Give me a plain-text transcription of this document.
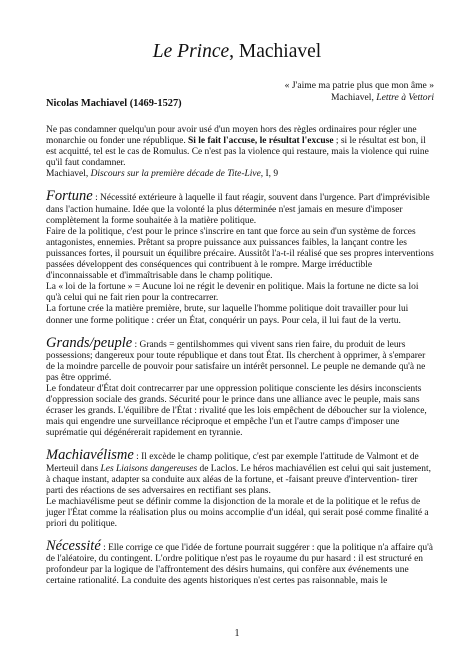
Le Prince, Machiavel

« J'aime ma patrie plus que mon âme »

Machiavel, Lettre à Vettori

Nicolas Machiavel (1469-1527)

Ne pas condamner quelqu'un pour avoir usé d'un moyen hors des règles ordinaires pour régler une monarchie ou fonder une république. Si le fait l'accuse, le résultat l'excuse ; si le résultat est bon, il est acquitté, tel est le cas de Romulus. Ce n'est pas la violence qui restaure, mais la violence qui ruine qu'il faut condamner.

Machiavel, Discours sur la première décade de Tite-Live, I, 9

Fortune : Nécessité extérieure à laquelle il faut réagir, souvent dans l'urgence. Part d'imprévisible dans l'action humaine. Idée que la volonté la plus déterminée n'est jamais en mesure d'imposer complètement la forme souhaitée à la matière politique.

Faire de la politique, c'est pour le prince s'inscrire en tant que force au sein d'un système de forces antagonistes, ennemies. Prêtant sa propre puissance aux puissances faibles, la lançant contre les puissances fortes, il poursuit un équilibre précaire. Aussitôt l'a-t-il réalisé que ses propres interventions passées développent des conséquences qui contribuent à le rompre. Marge irréductible d'inconnaissable et d'immaîtrisable dans le champ politique.

La « loi de la fortune » = Aucune loi ne régit le devenir en politique. Mais la fortune ne dicte sa loi qu'à celui qui ne fait rien pour la contrecarrer.

La fortune crée la matière première, brute, sur laquelle l'homme politique doit travailler pour lui donner une forme politique : créer un État, conquérir un pays. Pour cela, il lui faut de la vertu.

Grands/peuple : Grands = gentilshommes qui vivent sans rien faire, du produit de leurs possessions; dangereux pour toute république et dans tout État. Ils cherchent à opprimer, à s'emparer de la moindre parcelle de pouvoir pour satisfaire un intérêt personnel. Le peuple ne demande qu'à ne pas être opprimé.

Le fondateur d'État doit contrecarrer par une oppression politique consciente les désirs inconscients d'oppression sociale des grands. Sécurité pour le prince dans une alliance avec le peuple, mais sans écraser les grands. L'équilibre de l'État : rivalité que les lois empêchent de déboucher sur la violence, mais qui engendre une surveillance réciproque et empêche l'un et l'autre camps d'imposer une suprématie qui dégénérerait rapidement en tyrannie.

Machiavélisme : Il excède le champ politique, c'est par exemple l'attitude de Valmont et de Merteuil dans Les Liaisons dangereuses de Laclos. Le héros machiavélien est celui qui sait justement, à chaque instant, adapter sa conduite aux aléas de la fortune, et -faisant preuve d'intervention- tirer parti des réactions de ses adversaires en rectifiant ses plans.

Le machiavélisme peut se définir comme la disjonction de la morale et de la politique et le refus de juger l'État comme la réalisation plus ou moins accomplie d'un idéal, qui serait posé comme finalité a priori du politique.

Nécessité : Elle corrige ce que l'idée de fortune pourrait suggérer : que la politique n'a affaire qu'à de l'aléatoire, du contingent. L'ordre politique n'est pas le royaume du pur hasard : il est structuré en profondeur par la logique de l'affrontement des désirs humains, qui confère aux événements une certaine rationalité. La conduite des agents historiques n'est certes pas raisonnable, mais le

1
